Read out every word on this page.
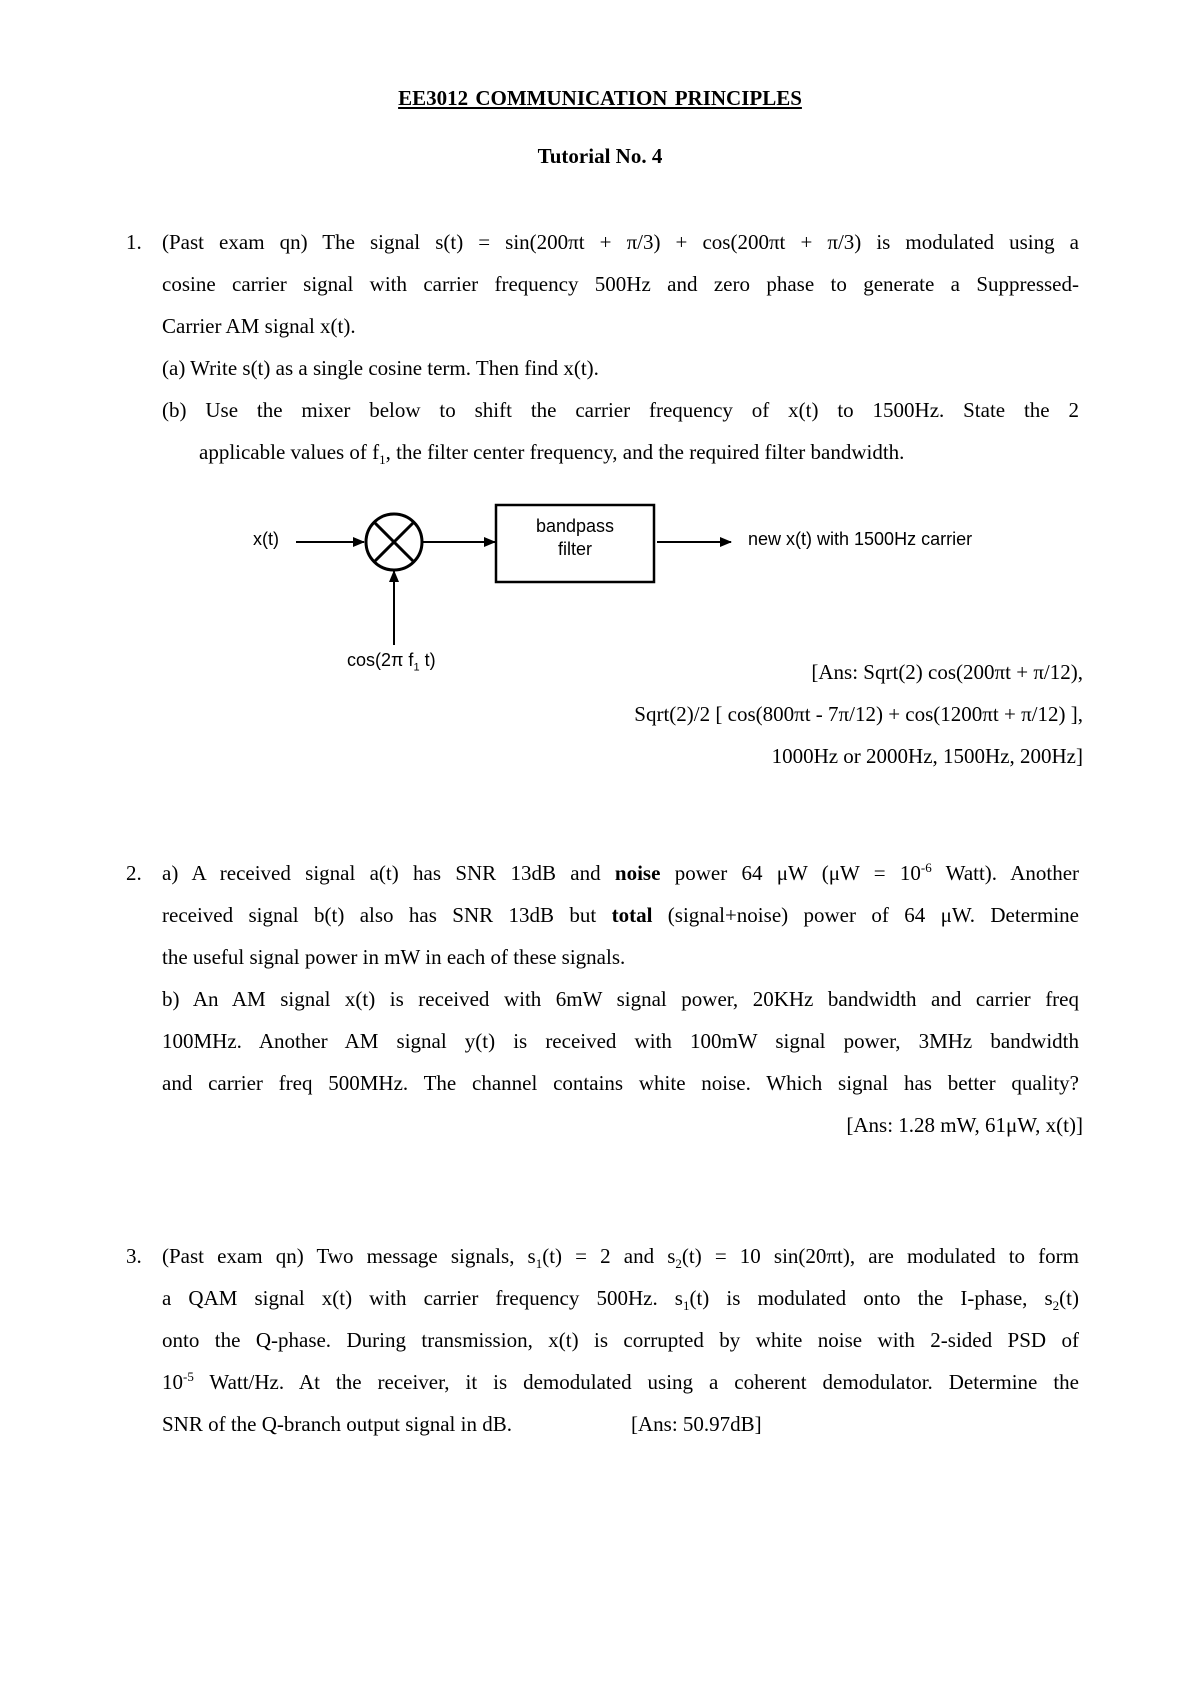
EE3012 COMMUNICATION PRINCIPLES
Tutorial No. 4
1. (Past exam qn) The signal s(t) = sin(200πt + π/3) + cos(200πt + π/3) is modulated using a
cosine carrier signal with carrier frequency 500Hz and zero phase to generate a Suppressed-
Carrier AM signal x(t).
(a) Write s(t) as a single cosine term. Then find x(t).
(b) Use the mixer below to shift the carrier frequency of x(t) to 1500Hz. State the 2
applicable values of $f_1$, the filter center frequency, and the required filter bandwidth.
x(t)
bandpass
filter	new x(t) with 1500Hz carrier
cos(2π $f_1$ t)	[Ans: Sqrt(2) cos(200πt + π/12),
Sqrt(2)/2 [ cos(800πt - 7π/12) + cos(1200πt + π/12) ],
1000Hz or 2000Hz, 1500Hz, 200Hz]
2. a) A received signal a(t) has SNR 13dB and noise power 64 μW ($\mu W = 10^{-6}$ Watt). Another
received signal b(t) also has SNR 13dB but total (signal+noise) power of 64 μW. Determine
the useful signal power in mW in each of these signals.
b) An AM signal x(t) is received with 6mW signal power, 20KHz bandwidth and carrier freq
100MHz. Another AM signal y(t) is received with 100mW signal power, 3MHz bandwidth
and carrier freq 500MHz. The channel contains white noise. Which signal has better quality?
[Ans: 1.28 mW, 61μW, x(t)]
3. (Past exam qn) Two message signals, $s_1(t) = 2$ and $s_2(t) = 10$ sin(20πt), are modulated to form
a QAM signal x(t) with carrier frequency 500Hz. $s_1(t)$ is modulated onto the I-phase, $s_2(t)$
onto the Q-phase. During transmission, x(t) is corrupted by white noise with 2-sided PSD of
$10^{-5}$ Watt/Hz. At the receiver, it is demodulated using a coherent demodulator. Determine the
SNR of the Q-branch output signal in dB.	[Ans: 50.97dB]
